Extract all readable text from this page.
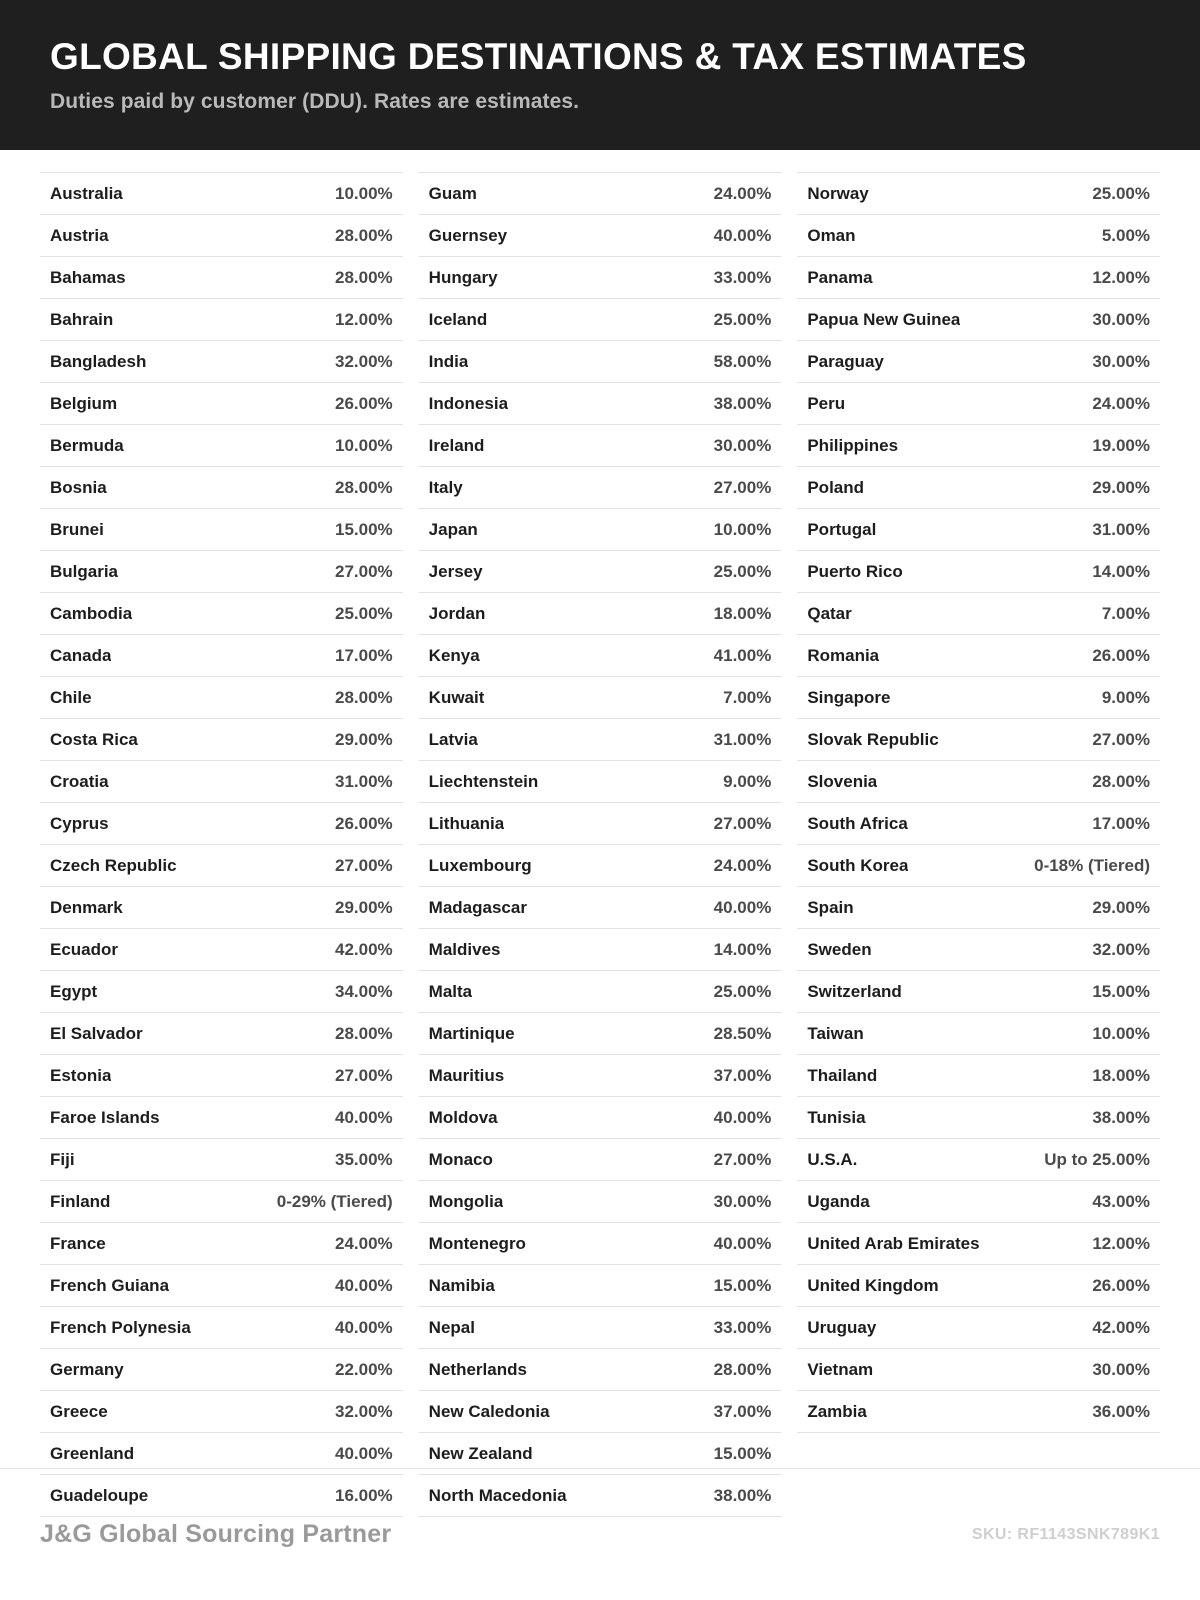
GLOBAL SHIPPING DESTINATIONS & TAX ESTIMATES
Duties paid by customer (DDU). Rates are estimates.
Australia	10.00%
Austria	28.00%
Bahamas	28.00%
Bahrain	12.00%
Bangladesh	32.00%
Belgium	26.00%
Bermuda	10.00%
Bosnia	28.00%
Brunei	15.00%
Bulgaria	27.00%
Cambodia	25.00%
Canada	17.00%
Chile	28.00%
Costa Rica	29.00%
Croatia	31.00%
Cyprus	26.00%
Czech Republic	27.00%
Denmark	29.00%
Ecuador	42.00%
Egypt	34.00%
El Salvador	28.00%
Estonia	27.00%
Faroe Islands	40.00%
Fiji	35.00%
Finland	0-29% (Tiered)
France	24.00%
French Guiana	40.00%
French Polynesia	40.00%
Germany	22.00%
Greece	32.00%
Greenland	40.00%
Guadeloupe	16.00%
Guam	24.00%
Guernsey	40.00%
Hungary	33.00%
Iceland	25.00%
India	58.00%
Indonesia	38.00%
Ireland	30.00%
Italy	27.00%
Japan	10.00%
Jersey	25.00%
Jordan	18.00%
Kenya	41.00%
Kuwait	7.00%
Latvia	31.00%
Liechtenstein	9.00%
Lithuania	27.00%
Luxembourg	24.00%
Madagascar	40.00%
Maldives	14.00%
Malta	25.00%
Martinique	28.50%
Mauritius	37.00%
Moldova	40.00%
Monaco	27.00%
Mongolia	30.00%
Montenegro	40.00%
Namibia	15.00%
Nepal	33.00%
Netherlands	28.00%
New Caledonia	37.00%
New Zealand	15.00%
North Macedonia	38.00%
Norway	25.00%
Oman	5.00%
Panama	12.00%
Papua New Guinea	30.00%
Paraguay	30.00%
Peru	24.00%
Philippines	19.00%
Poland	29.00%
Portugal	31.00%
Puerto Rico	14.00%
Qatar	7.00%
Romania	26.00%
Singapore	9.00%
Slovak Republic	27.00%
Slovenia	28.00%
South Africa	17.00%
South Korea	0-18% (Tiered)
Spain	29.00%
Sweden	32.00%
Switzerland	15.00%
Taiwan	10.00%
Thailand	18.00%
Tunisia	38.00%
U.S.A.	Up to 25.00%
Uganda	43.00%
United Arab Emirates	12.00%
United Kingdom	26.00%
Uruguay	42.00%
Vietnam	30.00%
Zambia	36.00%
J&G Global Sourcing Partner	SKU: RF1143SNK789K1
